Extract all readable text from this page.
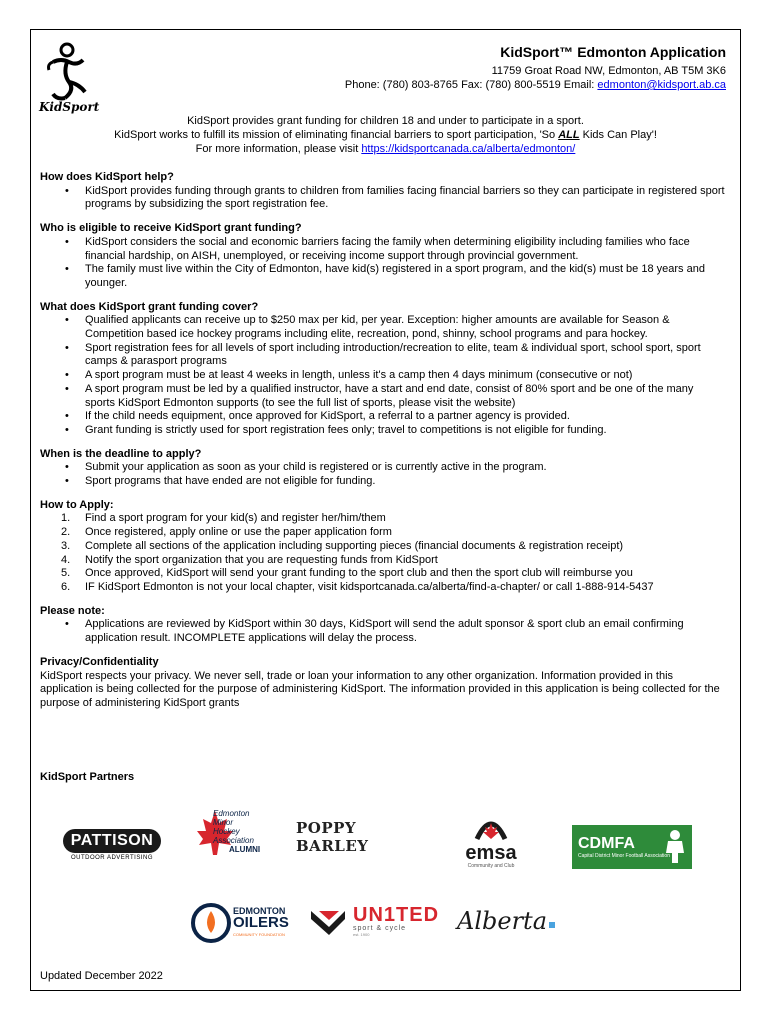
KidSport
KidSport™ Edmonton Application
11759 Groat Road NW, Edmonton, AB T5M 3K6
Phone: (780) 803-8765 Fax: (780) 800-5519 Email: edmonton@kidsport.ab.ca
KidSport provides grant funding for children 18 and under to participate in a sport.
KidSport works to fulfill its mission of eliminating financial barriers to sport participation, 'So ALL Kids Can Play'!
For more information, please visit https://kidsportcanada.ca/alberta/edmonton/
How does KidSport help?
• KidSport provides funding through grants to children from families facing financial barriers so they can participate in registered sport programs by subsidizing the sport registration fee.
Who is eligible to receive KidSport grant funding?
• KidSport considers the social and economic barriers facing the family when determining eligibility including families who face financial hardship, on AISH, unemployed, or receiving income support through provincial government.
• The family must live within the City of Edmonton, have kid(s) registered in a sport program, and the kid(s) must be 18 years and younger.
What does KidSport grant funding cover?
• Qualified applicants can receive up to $250 max per kid, per year. Exception: higher amounts are available for Season & Competition based ice hockey programs including elite, recreation, pond, shinny, school programs and para hockey.
• Sport registration fees for all levels of sport including introduction/recreation to elite, team & individual sport, school sport, sport camps & parasport programs
• A sport program must be at least 4 weeks in length, unless it's a camp then 4 days minimum (consecutive or not)
• A sport program must be led by a qualified instructor, have a start and end date, consist of 80% sport and be one of the many sports KidSport Edmonton supports (to see the full list of sports, please visit the website)
• If the child needs equipment, once approved for KidSport, a referral to a partner agency is provided.
• Grant funding is strictly used for sport registration fees only; travel to competitions is not eligible for funding.
When is the deadline to apply?
• Submit your application as soon as your child is registered or is currently active in the program.
• Sport programs that have ended are not eligible for funding.
How to Apply:
1. Find a sport program for your kid(s) and register her/him/them
2. Once registered, apply online or use the paper application form
3. Complete all sections of the application including supporting pieces (financial documents & registration receipt)
4. Notify the sport organization that you are requesting funds from KidSport
5. Once approved, KidSport will send your grant funding to the sport club and then the sport club will reimburse you
6. IF KidSport Edmonton is not your local chapter, visit kidsportcanada.ca/alberta/find-a-chapter/ or call 1-888-914-5437
Please note:
• Applications are reviewed by KidSport within 30 days, KidSport will send the adult sponsor & sport club an email confirming application result. INCOMPLETE applications will delay the process.
Privacy/Confidentiality
KidSport respects your privacy. We never sell, trade or loan your information to any other organization. Information provided in this application is being collected for the purpose of administering KidSport. The information provided in this application is being collected for the purpose of administering KidSport grants
KidSport Partners
PATTISON
OUTDOOR ADVERTISING
Edmonton
Minor
Hockey
Association
ALUMNI
POPPY BARLEY	emsa
Community and Club
CDMFA
Capital District Minor Football Association
EDMONTON
OILERS
COMMUNITY FOUNDATION
UN1TED
sport & cycle
est. 1900	Alberta
Updated December 2022
